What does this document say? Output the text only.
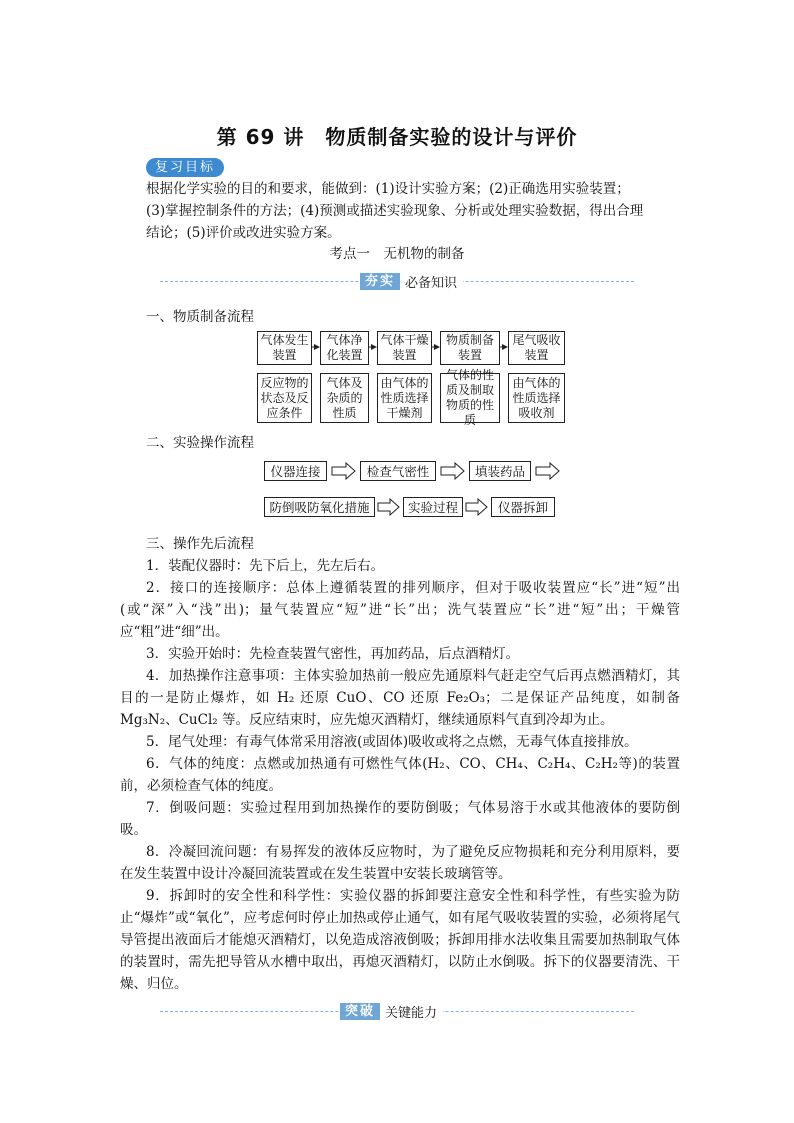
第 69 讲　物质制备实验的设计与评价
复习目标

根据化学实验的目的和要求，能做到：(1)设计实验方案；(2)正确选用实验装置；(3)掌握控制条件的方法；(4)预测或描述实验现象、分析或处理实验数据，得出合理结论；(5)评价或改进实验方案。

考点一　无机物的制备
夯实 必备知识
一、物质制备流程
气体发生装置
气体净化装置
气体干燥装置
物质制备装置
尾气吸收装置
反应物的状态及反应条件
气体及杂质的性质
由气体的性质选择干燥剂
气体的性质及制取物质的性质
由气体的性质选择吸收剂
二、实验操作流程
仪器连接	检查气密性	填装药品
防倒吸防氧化措施	实验过程	仪器拆卸
三、操作先后流程

1．装配仪器时：先下后上，先左后右。

2．接口的连接顺序：总体上遵循装置的排列顺序，但对于吸收装置应“长”进“短”出(或“深”入“浅”出)；量气装置应“短”进“长”出；洗气装置应“长”进“短”出；干燥管应“粗”进“细”出。

3．实验开始时：先检查装置气密性，再加药品，后点酒精灯。

4．加热操作注意事项：主体实验加热前一般应先通原料气赶走空气后再点燃酒精灯，其目的一是防止爆炸，如 H₂ 还原 CuO、CO 还原 Fe₂O₃；二是保证产品纯度，如制备 Mg₃N₂、CuCl₂ 等。反应结束时，应先熄灭酒精灯，继续通原料气直到冷却为止。

5．尾气处理：有毒气体常采用溶液(或固体)吸收或将之点燃，无毒气体直接排放。

6．气体的纯度：点燃或加热通有可燃性气体(H₂、CO、CH₄、C₂H₄、C₂H₂等)的装置前，必须检查气体的纯度。

7．倒吸问题：实验过程用到加热操作的要防倒吸；气体易溶于水或其他液体的要防倒吸。

8．冷凝回流问题：有易挥发的液体反应物时，为了避免反应物损耗和充分利用原料，要在发生装置中设计冷凝回流装置或在发生装置中安装长玻璃管等。

9．拆卸时的安全性和科学性：实验仪器的拆卸要注意安全性和科学性，有些实验为防止“爆炸”或“氧化”，应考虑何时停止加热或停止通气，如有尾气吸收装置的实验，必须将尾气导管提出液面后才能熄灭酒精灯，以免造成溶液倒吸；拆卸用排水法收集且需要加热制取气体的装置时，需先把导管从水槽中取出，再熄灭酒精灯，以防止水倒吸。拆下的仪器要清洗、干燥、归位。

突破 关键能力
